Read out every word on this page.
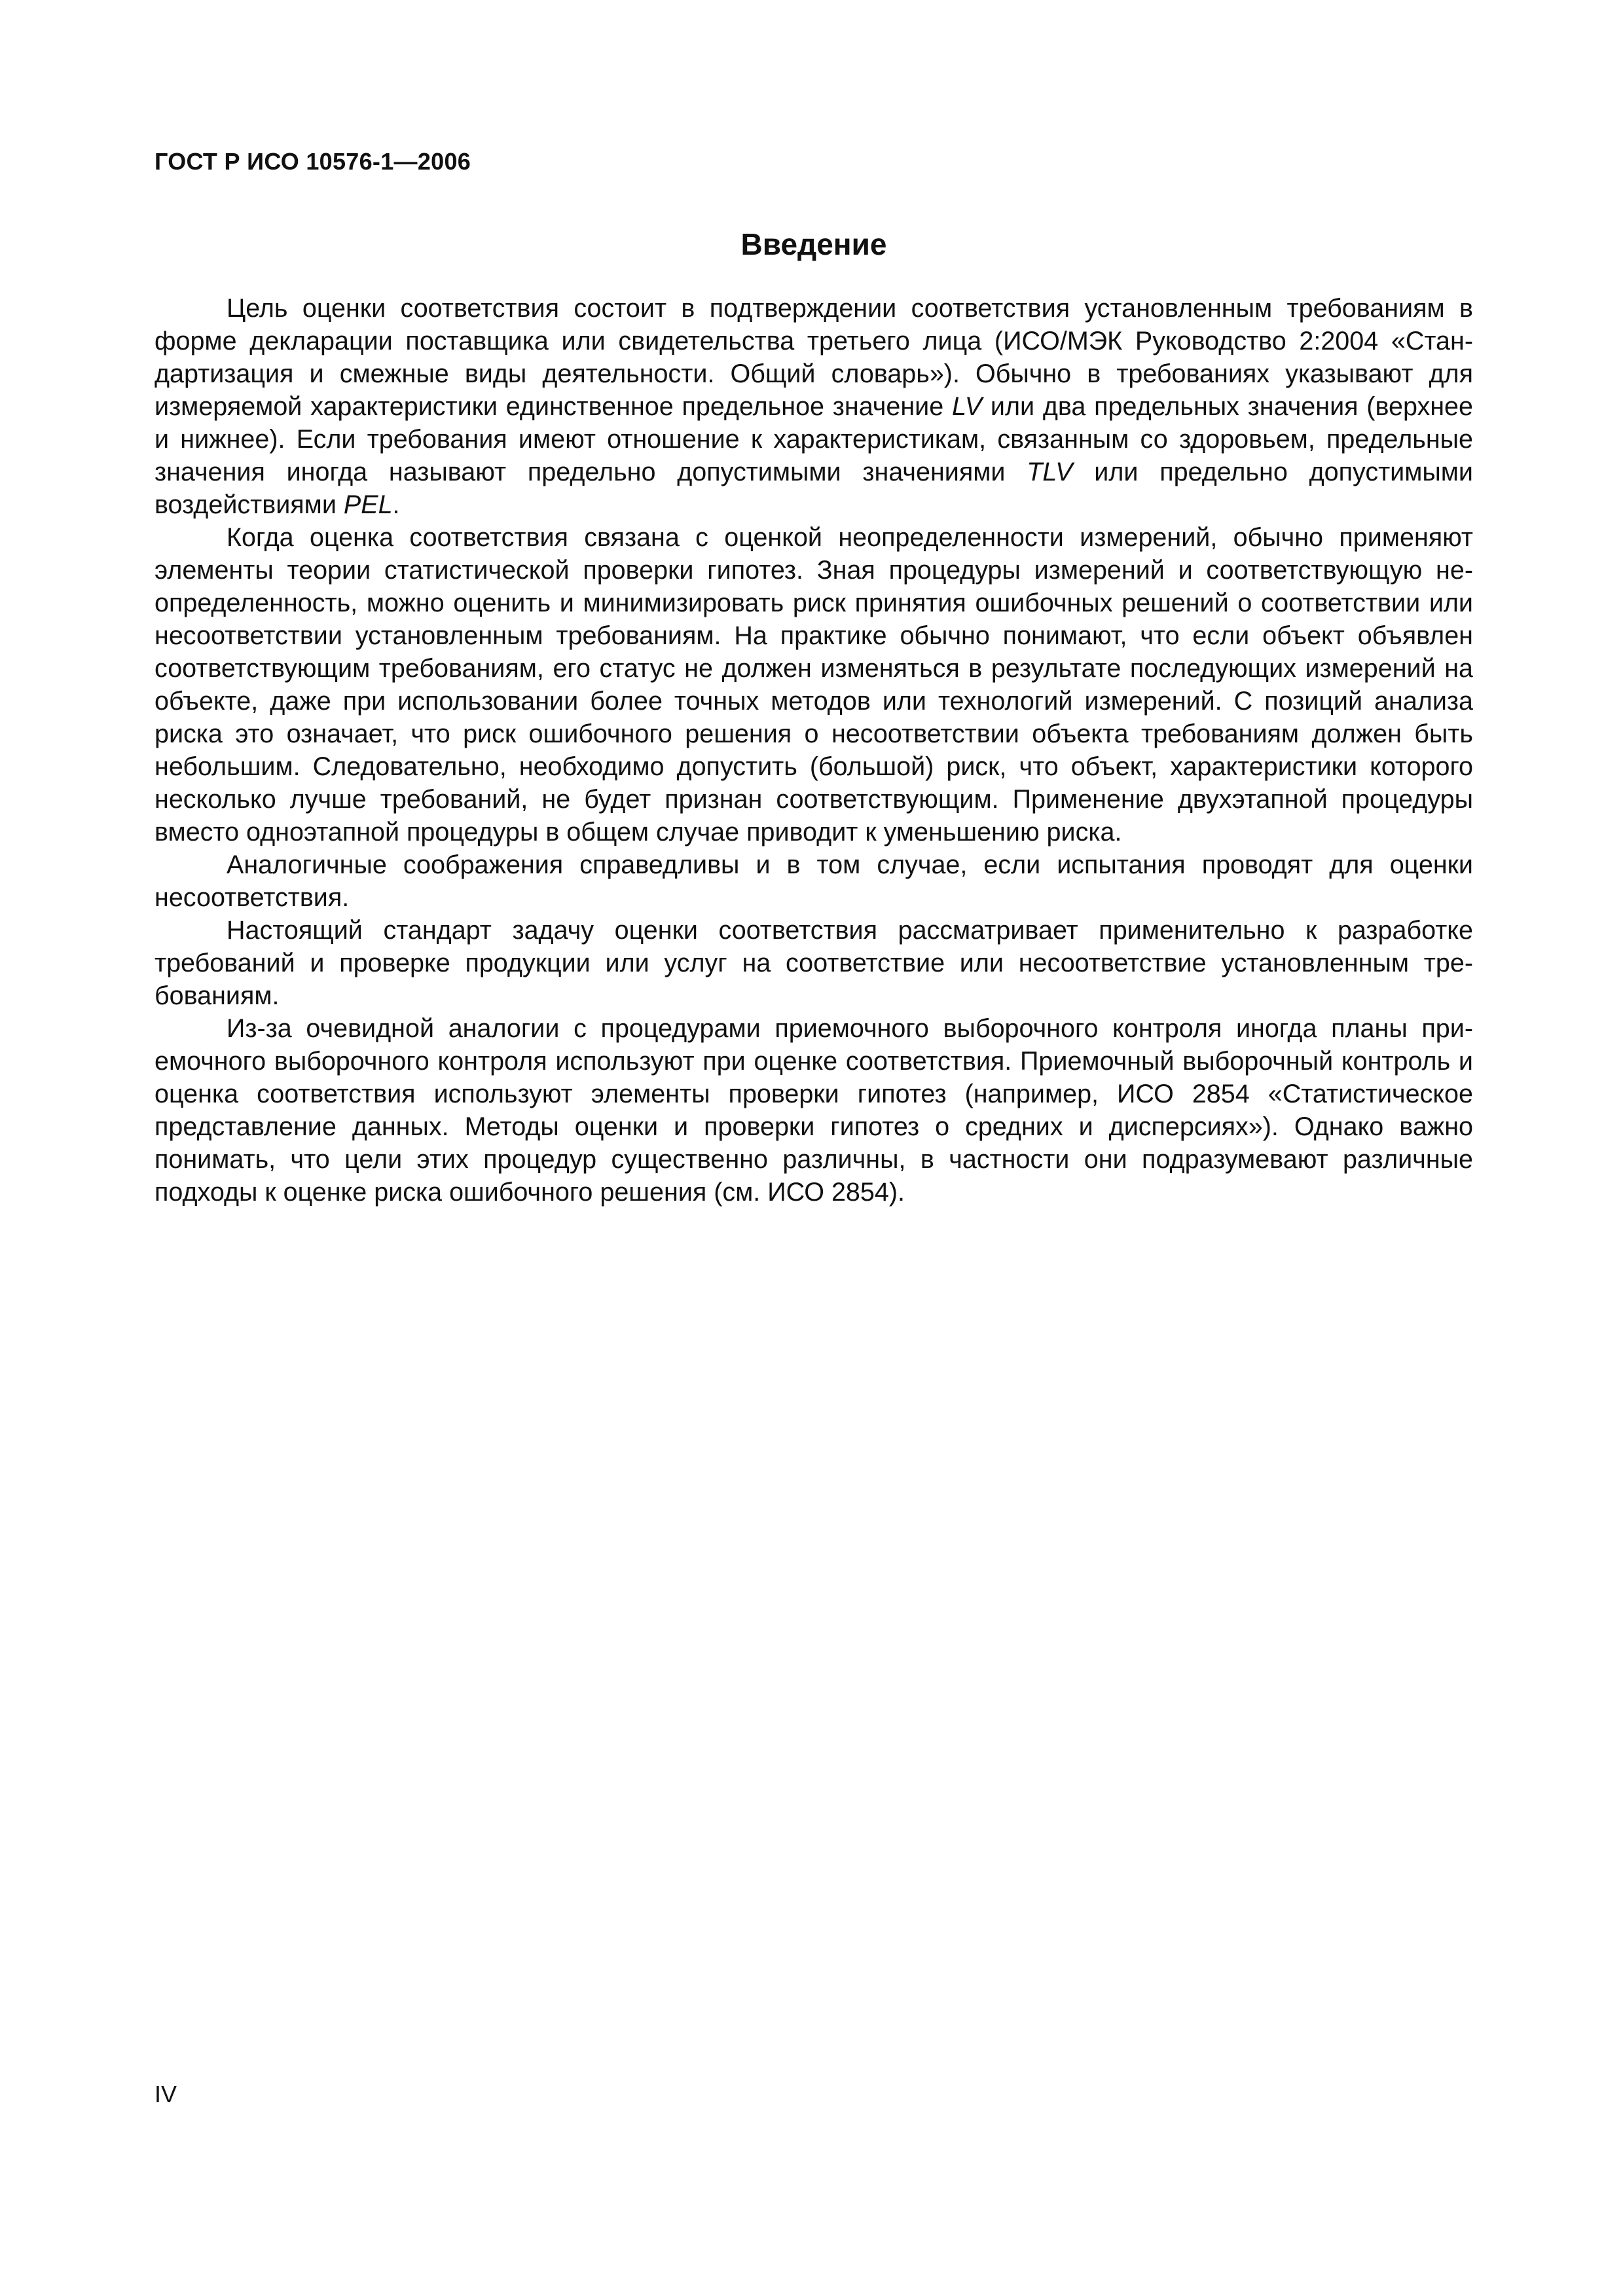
ГОСТ Р ИСО 10576-1—2006
Введение

Цель оценки соответствия состоит в подтверждении соответствия установленным требованиям в форме декларации поставщика или свидетельства третьего лица (ИСО/МЭК Руководство 2:2004 «Стандартизация и смежные виды деятельности. Общий словарь»). Обычно в требованиях указывают для измеряемой характеристики единственное предельное значение LV или два предельных значения (верхнее и нижнее). Если требования имеют отношение к характеристикам, связанным со здоровьем, предельные значения иногда называют предельно допустимыми значениями TLV или предельно допустимыми воздействиями PEL.

Когда оценка соответствия связана с оценкой неопределенности измерений, обычно применяют элементы теории статистической проверки гипотез. Зная процедуры измерений и соответствующую неопределенность, можно оценить и минимизировать риск принятия ошибочных решений о соответствии или несоответствии установленным требованиям. На практике обычно понимают, что если объект объявлен соответствующим требованиям, его статус не должен изменяться в результате последующих измерений на объекте, даже при использовании более точных методов или технологий измерений. С позиций анализа риска это означает, что риск ошибочного решения о несоответствии объекта требованиям должен быть небольшим. Следовательно, необходимо допустить (большой) риск, что объект, характеристики которого несколько лучше требований, не будет признан соответствующим. Применение двухэтапной процедуры вместо одноэтапной процедуры в общем случае приводит к уменьшению риска.

Аналогичные соображения справедливы и в том случае, если испытания проводят для оценки несоответствия.

Настоящий стандарт задачу оценки соответствия рассматривает применительно к разработке требований и проверке продукции или услуг на соответствие или несоответствие установленным требованиям.

Из-за очевидной аналогии с процедурами приемочного выборочного контроля иногда планы приемочного выборочного контроля используют при оценке соответствия. Приемочный выборочный контроль и оценка соответствия используют элементы проверки гипотез (например, ИСО 2854 «Статистическое представление данных. Методы оценки и проверки гипотез о средних и дисперсиях»). Однако важно понимать, что цели этих процедур существенно различны, в частности они подразумевают различные подходы к оценке риска ошибочного решения (см. ИСО 2854).

IV
